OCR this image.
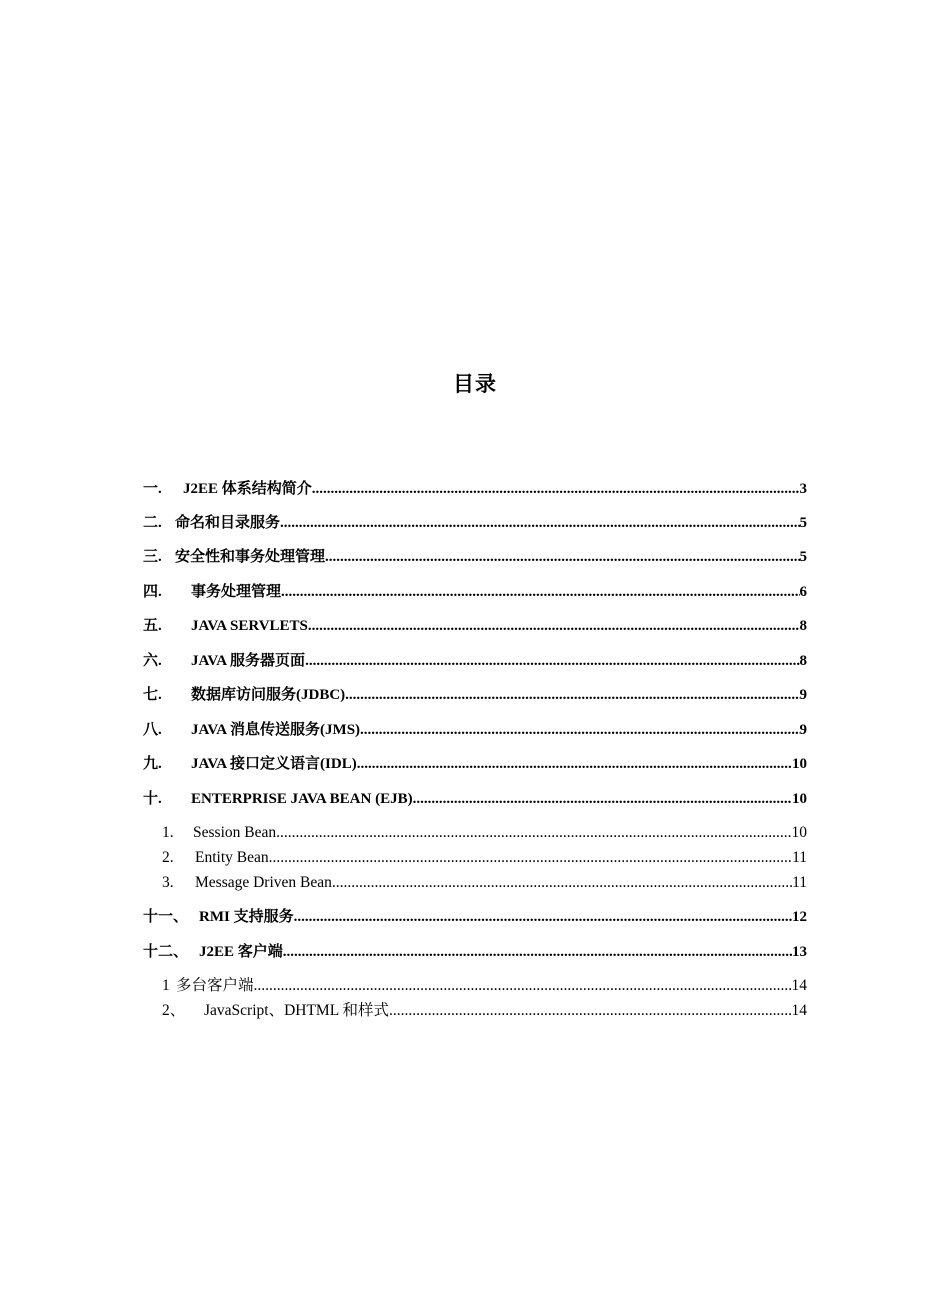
目录
一.	J2EE 体系结构简介 .....	3
二. 命名和目录服务 .....	5
三. 安全性和事务处理管理 .....	5
四.	事务处理管理 .....	6
五.	JAVA SERVLETS .....	8
六.	JAVA 服务器页面 .....	8
七.	数据库访问服务(JDBC) .....	9
八.	JAVA 消息传送服务(JMS) .....	9
九.	JAVA 接口定义语言(IDL) .....	10
十.	ENTERPRISE JAVA BEAN (EJB) .....	10
1.	Session Bean .....	10
2.	Entity Bean .....	11
3.	Message Driven Bean .....	11
十一、 RMI 支持服务 .....	12
十二、 J2EE 客户端 .....	13
1 多台客户端 .....	14
2、	JavaScript、DHTML 和样式 .....	14
